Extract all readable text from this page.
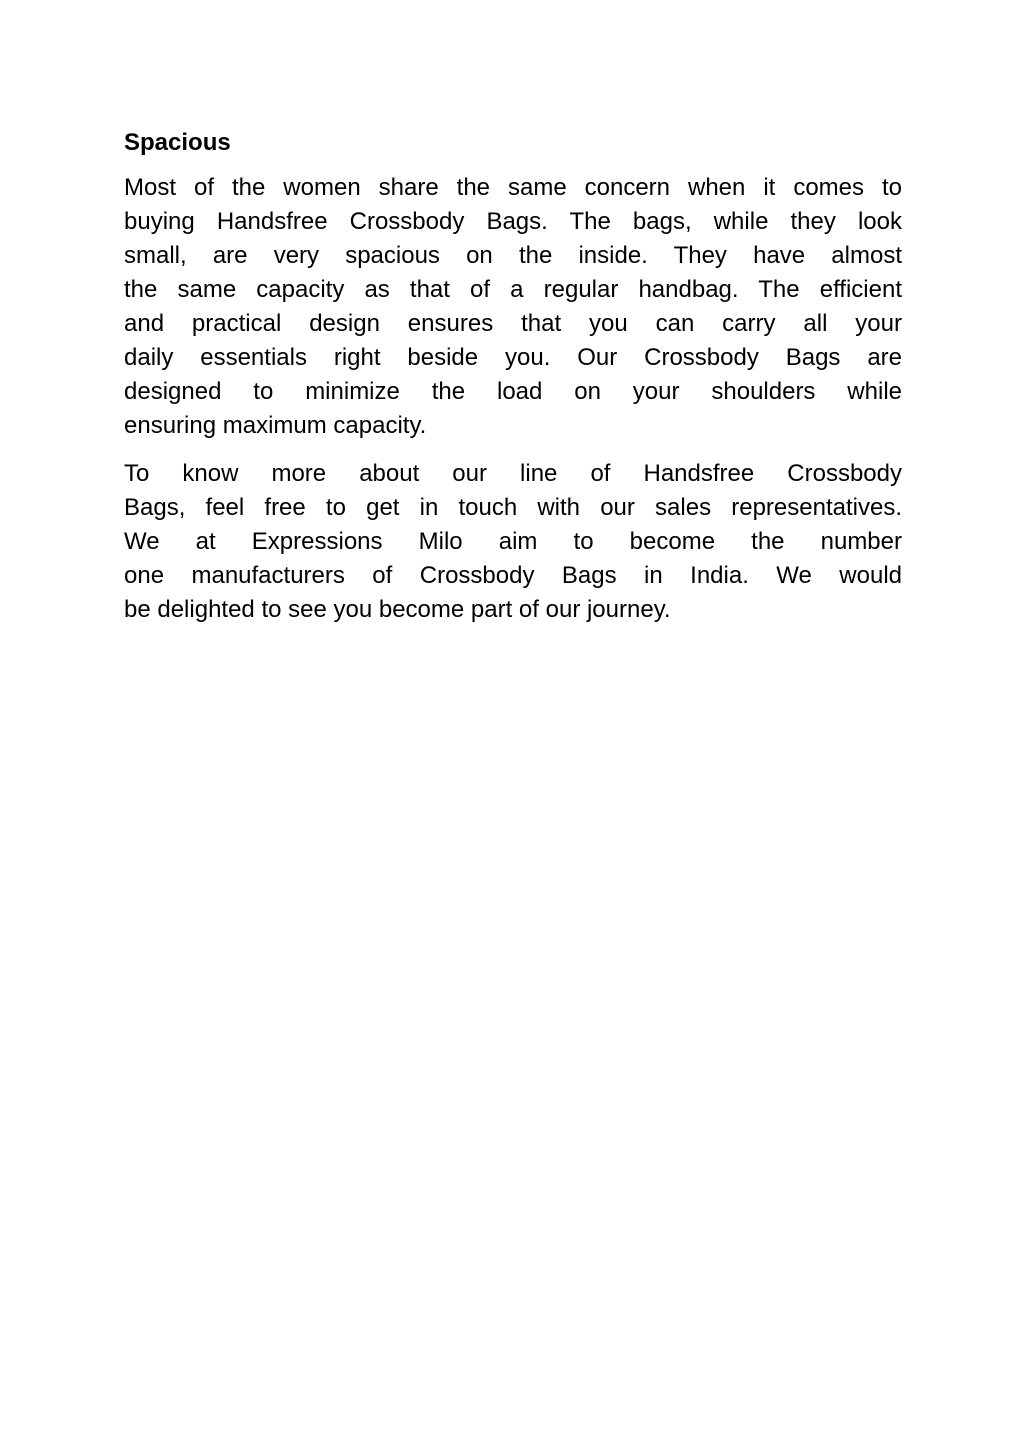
Spacious
Most of the women share the same concern when it comes to
buying Handsfree Crossbody Bags. The bags, while they look
small, are very spacious on the inside. They have almost
the same capacity as that of a regular handbag. The efficient
and practical design ensures that you can carry all your
daily essentials right beside you. Our Crossbody Bags are
designed to minimize the load on your shoulders while
ensuring maximum capacity.
To know more about our line of Handsfree Crossbody
Bags, feel free to get in touch with our sales representatives.
We at Expressions Milo aim to become the number
one manufacturers of Crossbody Bags in India. We would
be delighted to see you become part of our journey.
